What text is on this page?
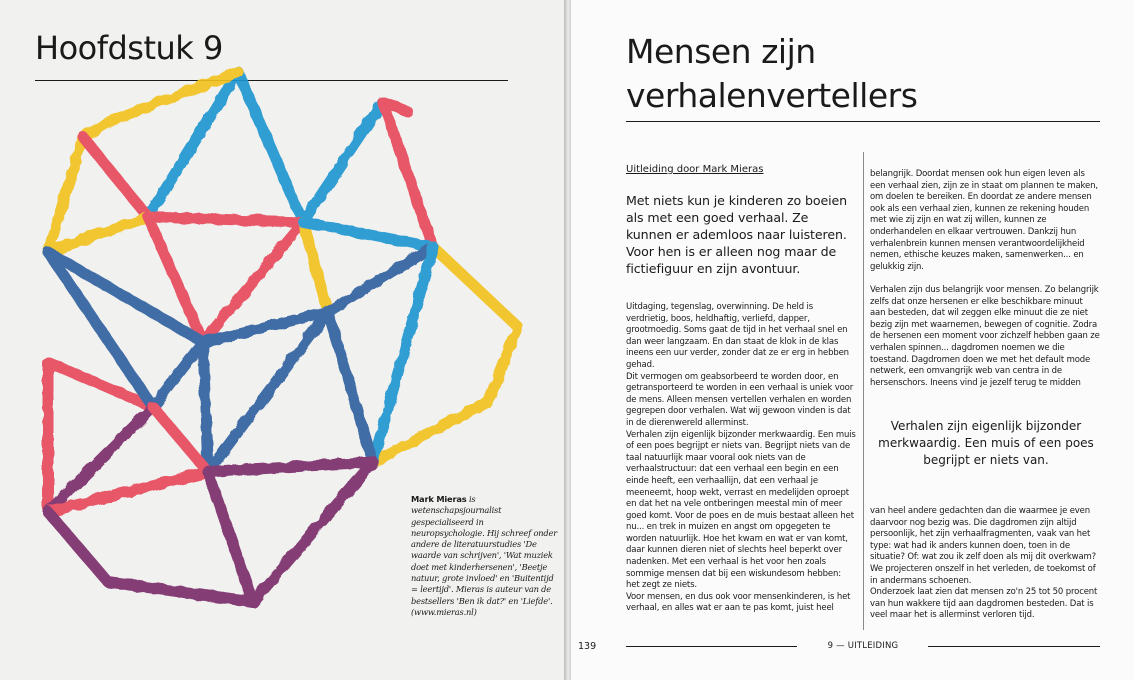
Hoofdstuk 9
Mark Mieras is wetenschapsjournalist gespecialiseerd in neuropsychologie. Hij schreef onder andere de literatuurstudies 'De waarde van schrijven', 'Wat muziek doet met kinderhersenen', 'Beetje natuur, grote invloed' en 'Buitentijd = leertijd'. Mieras is auteur van de bestsellers 'Ben ik dat?' en 'Liefde'. (www.mieras.nl)
139
Mensen zijn
verhalenvertellers
Uitleiding door Mark Mieras
Met niets kun je kinderen zo boeien als met een goed verhaal. Ze kunnen er ademloos naar luisteren. Voor hen is er alleen nog maar de fictiefiguur en zijn avontuur.

Uitdaging, tegenslag, overwinning. De held is verdrietig, boos, heldhaftig, verliefd, dapper, grootmoedig. Soms gaat de tijd in het verhaal snel en dan weer langzaam. En dan staat de klok in de klas ineens een uur verder, zonder dat ze er erg in hebben gehad.

Dit vermogen om geabsorbeerd te worden door, en getransporteerd te worden in een verhaal is uniek voor de mens. Alleen mensen vertellen verhalen en worden gegrepen door verhalen. Wat wij gewoon vinden is dat in de dierenwereld allerminst.

Verhalen zijn eigenlijk bijzonder merkwaardig. Een muis of een poes begrijpt er niets van. Begrijpt niets van de taal natuurlijk maar vooral ook niets van de verhaalstructuur: dat een verhaal een begin en een einde heeft, een verhaallijn, dat een verhaal je meeneemt, hoop wekt, verrast en medelijden oproept en dat het na vele ontberingen meestal min of meer goed komt. Voor de poes en de muis bestaat alleen het nu... en trek in muizen en angst om opgegeten te worden natuurlijk. Hoe het kwam en wat er van komt, daar kunnen dieren niet of slechts heel beperkt over nadenken. Met een verhaal is het voor hen zoals sommige mensen dat bij een wiskundesom hebben: het zegt ze niets.

Voor mensen, en dus ook voor mensenkinderen, is het verhaal, en alles wat er aan te pas komt, juist heel

belangrijk. Doordat mensen ook hun eigen leven als een verhaal zien, zijn ze in staat om plannen te maken, om doelen te bereiken. En doordat ze andere mensen ook als een verhaal zien, kunnen ze rekening houden met wie zij zijn en wat zij willen, kunnen ze onderhandelen en elkaar vertrouwen. Dankzij hun verhalenbrein kunnen mensen verantwoordelijkheid nemen, ethische keuzes maken, samenwerken... en gelukkig zijn.

Verhalen zijn dus belangrijk voor mensen. Zo belangrijk zelfs dat onze hersenen er elke beschikbare minuut aan besteden, dat wil zeggen elke minuut die ze niet bezig zijn met waarnemen, bewegen of cognitie. Zodra de hersenen een moment voor zichzelf hebben gaan ze verhalen spinnen... dagdromen noemen we die toestand. Dagdromen doen we met het default mode netwerk, een omvangrijk web van centra in de hersenschors. Ineens vind je jezelf terug te midden

Verhalen zijn eigenlijk bijzonder merkwaardig. Een muis of een poes begrijpt er niets van.

van heel andere gedachten dan die waarmee je even daarvoor nog bezig was. Die dagdromen zijn altijd persoonlijk, het zijn verhaalfragmenten, vaak van het type: wat had ik anders kunnen doen, toen in de situatie? Of: wat zou ik zelf doen als mij dit overkwam? We projecteren onszelf in het verleden, de toekomst of in andermans schoenen.

Onderzoek laat zien dat mensen zo'n 25 tot 50 procent van hun wakkere tijd aan dagdromen besteden. Dat is veel maar het is allerminst verloren tijd.

9 — UITLEIDING
